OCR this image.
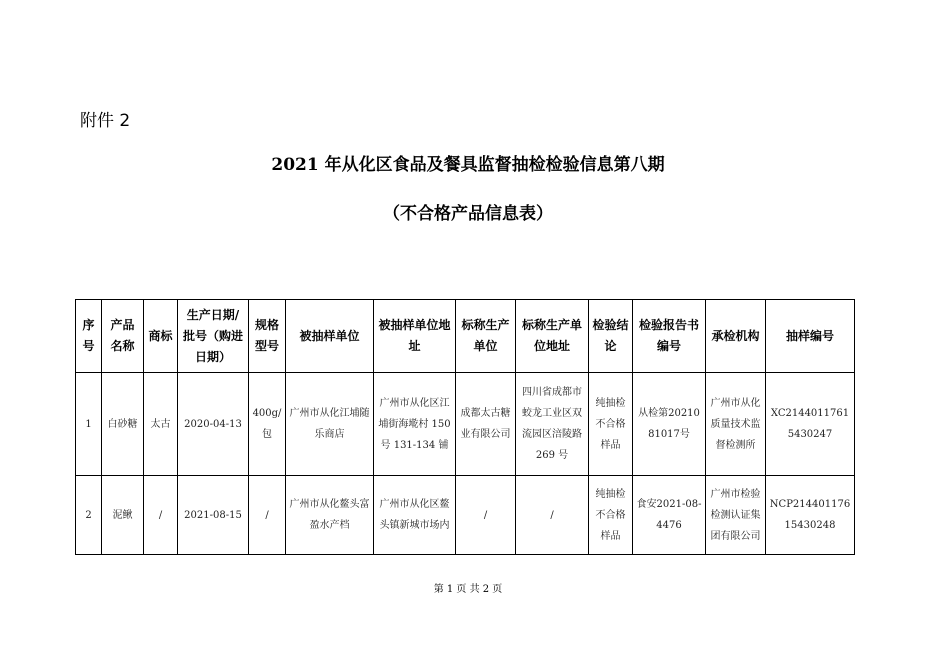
附件 2
2021 年从化区食品及餐具监督抽检检验信息第八期
（不合格产品信息表）
序号	产品名称	商标	生产日期/批号（购进日期）	规格型号	被抽样单位	被抽样单位地址	标称生产单位	标称生产单位地址	检验结论	检验报告书编号	承检机构	抽样编号
1	白砂糖	太古	2020-04-13	400g/包	广州市从化江埔随乐商店	广州市从化区江埔街海墘村 150 号 131-134 铺	成都太古糖业有限公司	四川省成都市蛟龙工业区双流园区涪陵路 269 号	纯抽检不合格样品	从检第2021081017号	广州市从化质量技术监督检测所	XC21440117615430247
2	泥鳅	/	2021-08-15	/	广州市从化鳌头富盈水产档	广州市从化区鳌头镇新城市场内	/	/	纯抽检不合格样品	食安2021-08-4476	广州市检验检测认证集团有限公司	NCP21440117615430248
第 1 页 共 2 页
